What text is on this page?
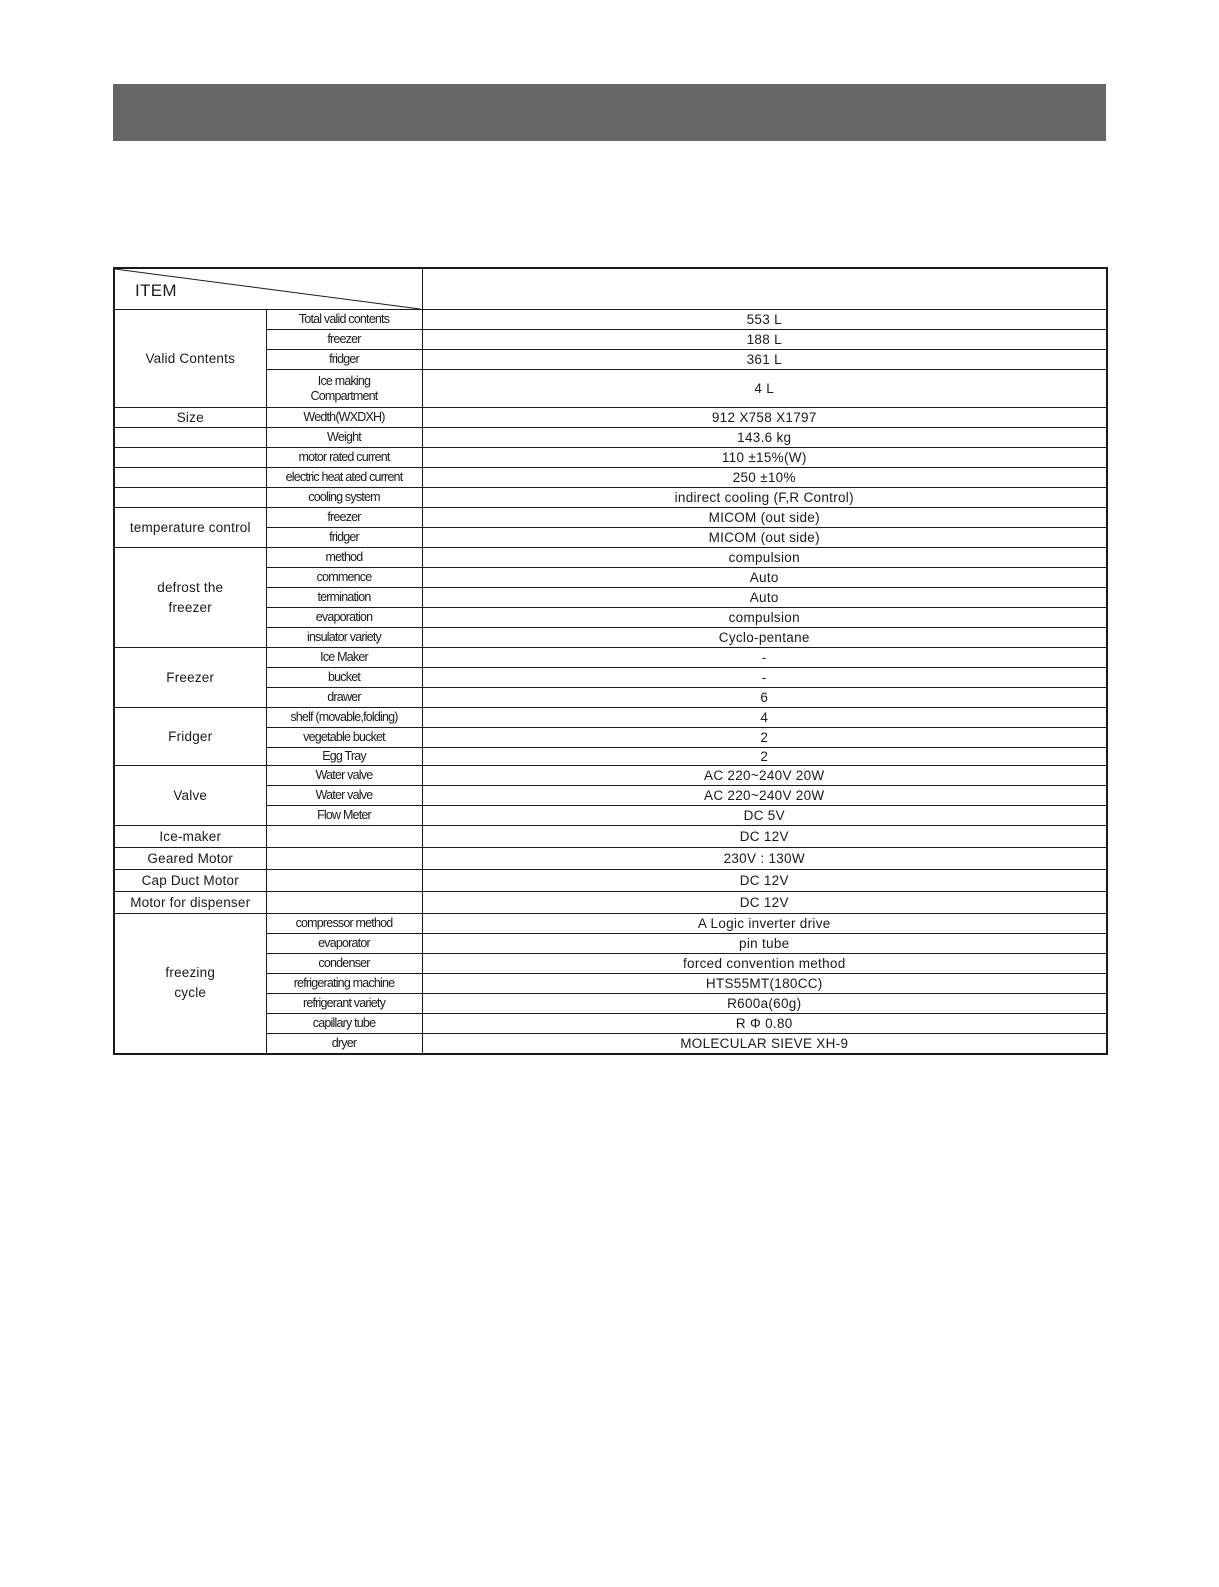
ITEM		

Valid Contents	Total valid contents	553 L
	freezer	188 L
	fridger	361 L
	Ice making Compartment	4 L
Size	Wedth(WXDXH)	912 X758 X1797
	Weight	143.6 kg
	motor rated current	110 ±15%(W)
	electric heat ated current	250 ±10%
	cooling system	indirect cooling (F,R Control)
temperature control	freezer	MICOM (out side)
	fridger	MICOM (out side)
defrost the freezer	method	compulsion
	commence	Auto
	termination	Auto
	evaporation	compulsion
	insulator variety	Cyclo-pentane
Freezer	Ice Maker	-
	bucket	-
	drawer	6
Fridger	shelf (movable,folding)	4
	vegetable bucket	2
	Egg Tray	2
Valve	Water valve	AC 220~240V 20W
	Water valve	AC 220~240V 20W
	Flow Meter	DC 5V
Ice-maker		DC 12V
Geared Motor		230V : 130W
Cap Duct Motor		DC 12V
Motor for dispenser		DC 12V
freezing cycle	compressor method	A Logic inverter drive
	evaporator	pin tube
	condenser	forced convention method
	refrigerating machine	HTS55MT(180CC)
	refrigerant variety	R600a(60g)
	capillary tube	R Φ 0.80
	dryer	MOLECULAR SIEVE XH-9
